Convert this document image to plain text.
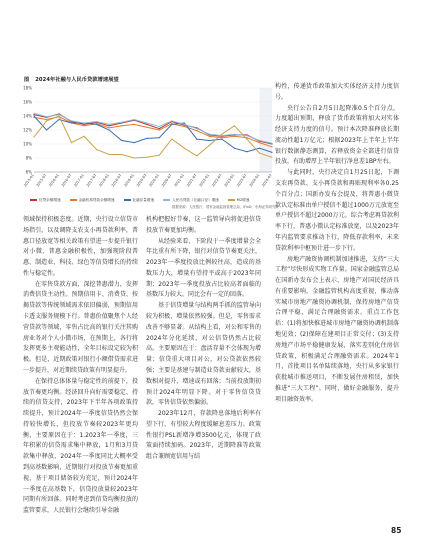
图 2024年社融与人民币贷款增速展望
18%
16%
14%
12%
10%
8%
6%
2015-01 2015-07 2016-01 2016-07 2017-01 2017-07 2018-01 2018-07 2019-01 2019-07 2020-01 2020-07 2021-01 2021-07 2022-01 2022-07 2023-01 2023-07 2024-01 2024-07
信贷余额增速	金融机构贷款余额增速	社融存量增速	人民币贷款（社融口径）增速	M2增速
数据来源：人民银行，国家金融监督管理总局，iFinD，东海证券研究所

领域保持积极态度。近期，央行设立信贷市场指引，以及调降支农支小再贷款利率，普惠口径放宽等相关政策有望进一步提升银行对小微、普惠金融积极性，加强现阶段普惠、制造业、科技、绿色等信贷增长的持续性与稳定性。

在零售贷款方面，深挖普惠潜力，发挥消费信贷主动性。预期信用卡、消费贷、按揭贷款等传统领域需求依旧偏弱，预期信用卡透支服务规模下行。普惠价值聚焦个人经营贷款等领域，零售占比高的银行关注其购房业务对个人小微市场，在预期上，各行将发挥更多主观能动性，全年目标设定较为积极。但是，近期政策对银行小额借贷需求进一步提升，对近期续贷政策有明显提升。

在保持总体体量与稳定性的前提下，投放节奏更均衡。经济回升向好需要稳定、持续的信贷支持，2023年下半年各项政策持续提升，预计2024年一季度信贷仍然会保持较快增长，但投放节奏较2023年更均衡，主要原因在于：1.2023年一季度，三年积累的信贷需求集中释放，1月和3月贷款集中释放，2024年一季度同比大概率受到高基数影响，近期银行对投放节奏更加重视，基于项目储备较为充足，预计2024年一季度在高基数下，信贷投放量较2023年同期有所回落。同时考虑到信贷均衡投放的监管要求，人民银行会继续引导金融

机构把握好节奏，这一监管导向将促进信贷投放节奏更加均衡。

从经验来看，下阶段于一季度增量会全年比重有所下降，银行对信贷节奏更关注，2023年一季度投放比例较往高，造成的基数压力大，增量有望持平或高于2023年同期；2023年一季度投放占比较高者面临的基数压力较大，同比会有一定的回落。

基于信贷增量与结构两手抓的监管导向较为积极，增量依然较强。但是，零售需求改善不够显著。从结构上看，对公和零售的2024年分化延续，对公信贷仍然占比较高。主要原因在于：盘活存量不会体现为增量；信贷重大项目对公，对公贷款依然较强；主要是基建与制造业贷款贡献较大，基数相对提升，增速或有回落；当前投放期初预计2024年明显下降。对于零售信贷贷款，零售信贷依然偏弱。

2023年12月，存款降息落地后利率有望下行，有望较大程度缓解息差压力。政策性银行PSL新增净增3500亿元，体现了政策面持续加码。2023年，近期降准等政策组合兼顾宽信用与结

构性，传递货币政策加大实体经济支持力度信号。

央行公告自2月5日起降准0.5个百分点，力度超出预期，释放了货币政策将加大对实体经济支持力度的信号。预计本次降准释放长期流动性超1万亿元；根据2023年上半年上半年银行数据静态测算，若释放资金全部进行信贷投放，有助增厚上半年银行净息差1BP左右。

与此同时，央行决定自1月25日起，下调支农再贷款、支小再贷款和再贴现利率各0.25个百分点；国新办发布会提及，将普惠小微贷款认定标准由单户授信不超过1000万元放宽至单户授信不超过2000万元。综合考虑再贷款利率下行，普惠小微认定标准放宽，以及2023年年内监管要求推动下行，降低存款利率，未来贷款利率中枢预计进一步下行。

房地产融资协调机制加速推进，支持“三大工程”尽快形成实物工作量。国家金融监管总局在国新办发布会上表示，房地产对国民经济具有重要影响，金融监管机构高度重视，推动落实城市房地产融资协调机制，保持房地产信贷合理平稳，满足合理融资需求。重点工作包括：(1)将加快推进城市房地产融资协调机制落地见效；(2)保障在建项目正常交付；(3)支持房地产市场平稳健康发展，落实差别化住房信贷政策，积极满足合理融资需求。2024年1月，首批项目名单陆续落地，央行从多家银行获批城市推送项目，不断发展住房租赁，加快推进“三大工程”。同时，做好金融服务，提升项目融资效率。

85
